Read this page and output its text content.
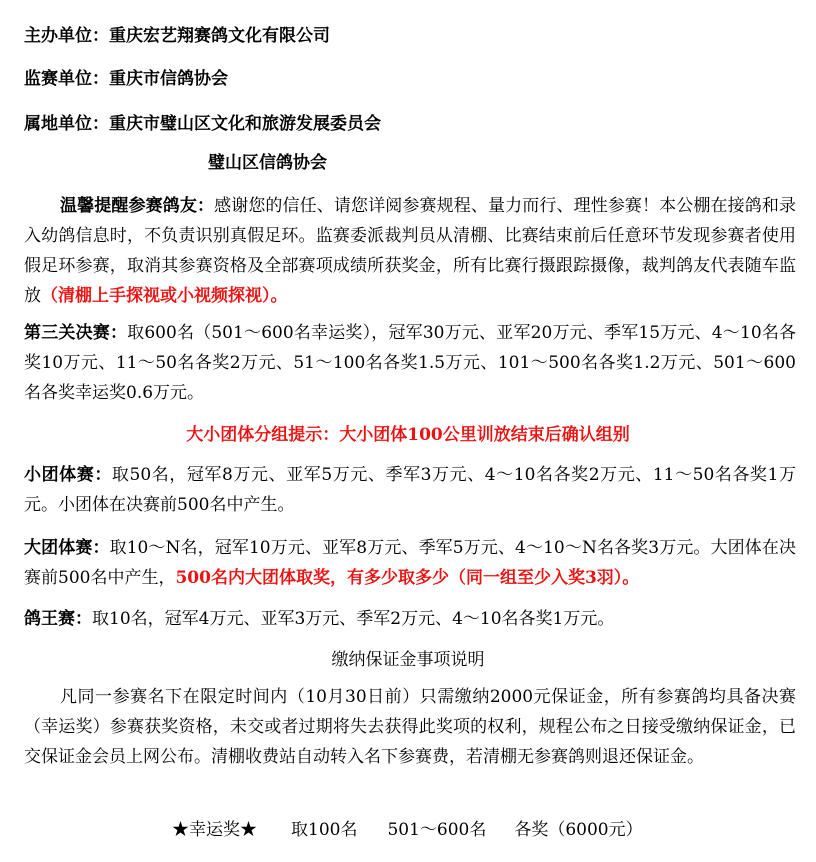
主办单位：重庆宏艺翔赛鸽文化有限公司
监赛单位：重庆市信鸽协会
属地单位：重庆市璧山区文化和旅游发展委员会
璧山区信鸽协会
温馨提醒参赛鸽友：感谢您的信任、请您详阅参赛规程、量力而行、理性参赛！本公棚在接鸽和录入幼鸽信息时，不负责识别真假足环。监赛委派裁判员从清棚、比赛结束前后任意环节发现参赛者使用假足环参赛，取消其参赛资格及全部赛项成绩所获奖金，所有比赛行摄跟踪摄像，裁判鸽友代表随车监放（清棚上手探视或小视频探视）。
第三关决赛：取600名（501～600名幸运奖），冠军30万元、亚军20万元、季军15万元、4～10名各奖10万元、11～50名各奖2万元、51～100名各奖1.5万元、101～500名各奖1.2万元、501～600名各奖幸运奖0.6万元。
大小团体分组提示：大小团体100公里训放结束后确认组别
小团体赛：取50名，冠军8万元、亚军5万元、季军3万元、4～10名各奖2万元、11～50名各奖1万元。小团体在决赛前500名中产生。
大团体赛：取10～N名，冠军10万元、亚军8万元、季军5万元、4～10～N名各奖3万元。大团体在决赛前500名中产生，500名内大团体取奖，有多少取多少（同一组至少入奖3羽）。
鸽王赛：取10名，冠军4万元、亚军3万元、季军2万元、4～10名各奖1万元。
缴纳保证金事项说明
凡同一参赛名下在限定时间内（10月30日前）只需缴纳2000元保证金，所有参赛鸽均具备决赛（幸运奖）参赛获奖资格，未交或者过期将失去获得此奖项的权利，规程公布之日接受缴纳保证金，已交保证金会员上网公布。清棚收费站自动转入名下参赛费，若清棚无参赛鸽则退还保证金。
★幸运奖★ 取100名 501～600名 各奖（6000元）
